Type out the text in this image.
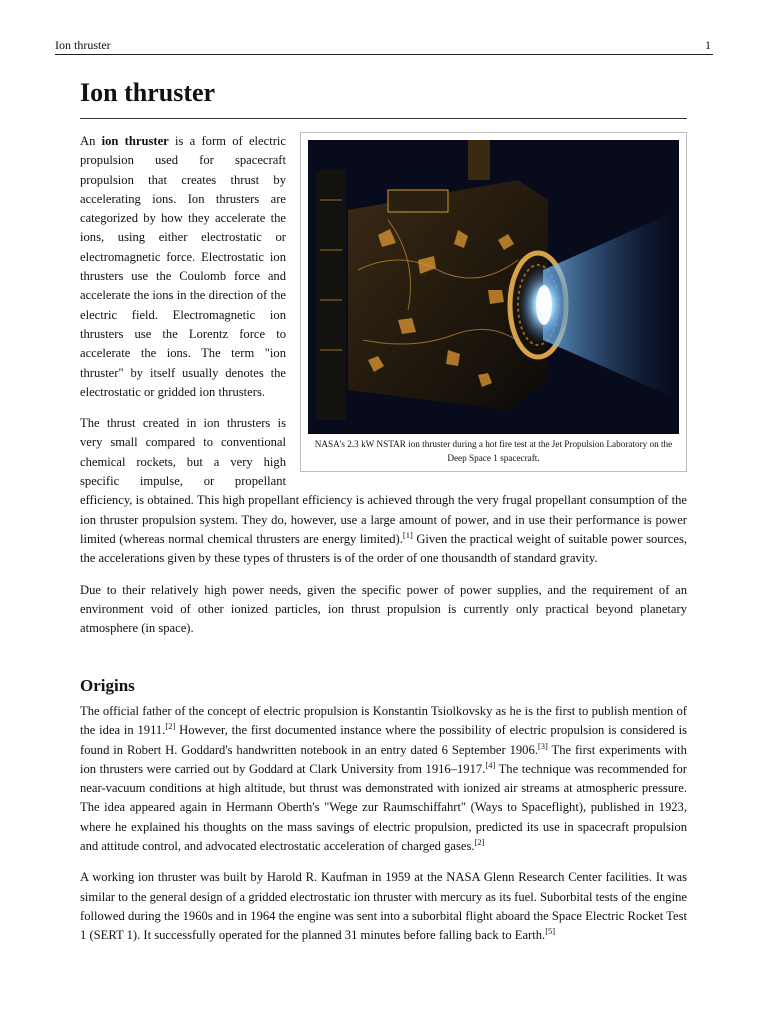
Ion thruster	1
Ion thruster
NASA's 2.3 kW NSTAR ion thruster during a hot fire test at the Jet Propulsion Laboratory on the Deep Space 1 spacecraft.

An ion thruster is a form of electric propulsion used for spacecraft propulsion that creates thrust by accelerating ions. Ion thrusters are categorized by how they accelerate the ions, using either electrostatic or electromagnetic force. Electrostatic ion thrusters use the Coulomb force and accelerate the ions in the direction of the electric field. Electromagnetic ion thrusters use the Lorentz force to accelerate the ions. The term "ion thruster" by itself usually denotes the electrostatic or gridded ion thrusters.

The thrust created in ion thrusters is very small compared to conventional chemical rockets, but a very high specific impulse, or propellant efficiency, is obtained. This high propellant efficiency is achieved through the very frugal propellant consumption of the ion thruster propulsion system. They do, however, use a large amount of power, and in use their performance is power limited (whereas normal chemical thrusters are energy limited).[1] Given the practical weight of suitable power sources, the accelerations given by these types of thrusters is of the order of one thousandth of standard gravity.

Due to their relatively high power needs, given the specific power of power supplies, and the requirement of an environment void of other ionized particles, ion thrust propulsion is currently only practical beyond planetary atmosphere (in space).

Origins

The official father of the concept of electric propulsion is Konstantin Tsiolkovsky as he is the first to publish mention of the idea in 1911.[2] However, the first documented instance where the possibility of electric propulsion is considered is found in Robert H. Goddard's handwritten notebook in an entry dated 6 September 1906.[3] The first experiments with ion thrusters were carried out by Goddard at Clark University from 1916–1917.[4] The technique was recommended for near-vacuum conditions at high altitude, but thrust was demonstrated with ionized air streams at atmospheric pressure. The idea appeared again in Hermann Oberth's "Wege zur Raumschiffahrt" (Ways to Spaceflight), published in 1923, where he explained his thoughts on the mass savings of electric propulsion, predicted its use in spacecraft propulsion and attitude control, and advocated electrostatic acceleration of charged gases.[2]

A working ion thruster was built by Harold R. Kaufman in 1959 at the NASA Glenn Research Center facilities. It was similar to the general design of a gridded electrostatic ion thruster with mercury as its fuel. Suborbital tests of the engine followed during the 1960s and in 1964 the engine was sent into a suborbital flight aboard the Space Electric Rocket Test 1 (SERT 1). It successfully operated for the planned 31 minutes before falling back to Earth.[5]
